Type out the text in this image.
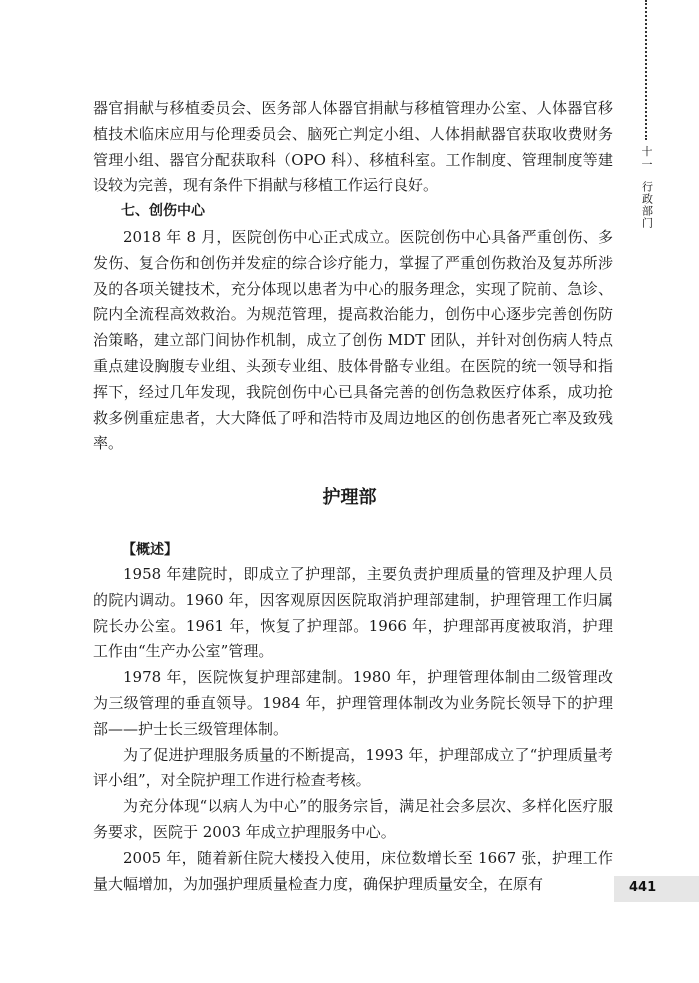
十一
行政部门

器官捐献与移植委员会、医务部人体器官捐献与移植管理办公室、人体器官移植技术临床应用与伦理委员会、脑死亡判定小组、人体捐献器官获取收费财务管理小组、器官分配获取科（OPO 科）、移植科室。工作制度、管理制度等建设较为完善，现有条件下捐献与移植工作运行良好。

七、创伤中心

2018 年 8 月，医院创伤中心正式成立。医院创伤中心具备严重创伤、多发伤、复合伤和创伤并发症的综合诊疗能力，掌握了严重创伤救治及复苏所涉及的各项关键技术，充分体现以患者为中心的服务理念，实现了院前、急诊、院内全流程高效救治。为规范管理，提高救治能力，创伤中心逐步完善创伤防治策略，建立部门间协作机制，成立了创伤 MDT 团队，并针对创伤病人特点重点建设胸腹专业组、头颈专业组、肢体骨骼专业组。在医院的统一领导和指挥下，经过几年发现，我院创伤中心已具备完善的创伤急救医疗体系，成功抢救多例重症患者，大大降低了呼和浩特市及周边地区的创伤患者死亡率及致残率。

护理部
【概述】

1958 年建院时，即成立了护理部，主要负责护理质量的管理及护理人员的院内调动。1960 年，因客观原因医院取消护理部建制，护理管理工作归属院长办公室。1961 年，恢复了护理部。1966 年，护理部再度被取消，护理工作由“生产办公室”管理。

1978 年，医院恢复护理部建制。1980 年，护理管理体制由二级管理改为三级管理的垂直领导。1984 年，护理管理体制改为业务院长领导下的护理部——护士长三级管理体制。

为了促进护理服务质量的不断提高，1993 年，护理部成立了“护理质量考评小组”，对全院护理工作进行检查考核。

为充分体现“以病人为中心”的服务宗旨，满足社会多层次、多样化医疗服务要求，医院于 2003 年成立护理服务中心。

2005 年，随着新住院大楼投入使用，床位数增长至 1667 张，护理工作量大幅增加，为加强护理质量检查力度，确保护理质量安全，在原有	441
